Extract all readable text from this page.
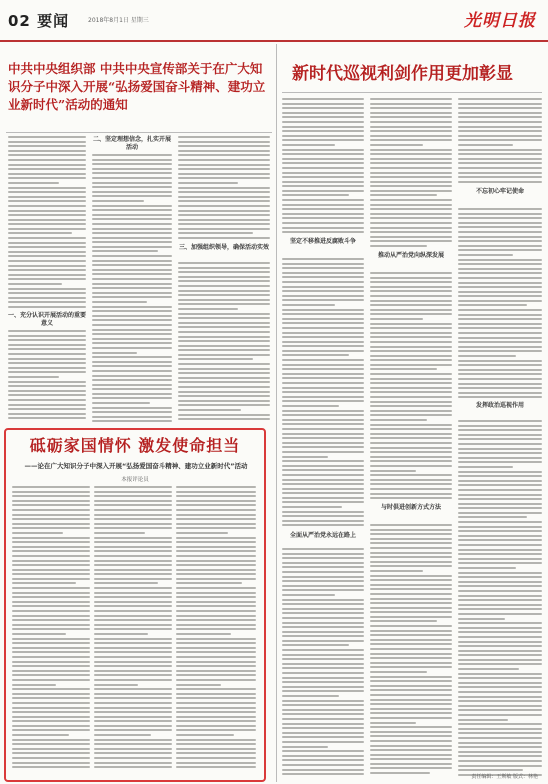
02 要闻	2018年8月1日 星期三	光明日报
中共中央组织部 中共中央宣传部关于在广大知识分子中深入开展“弘扬爱国奋斗精神、建功立业新时代”活动的通知
新时代巡视利剑作用更加彰显
一、充分认识开展活动的重要意义
二、坚定理想信念，扎实开展活动
三、加强组织领导，确保活动实效
坚定不移推进反腐败斗争
全面从严治党永远在路上
推动从严治党向纵深发展
与时俱进创新方式方法
不忘初心牢记使命
发挥政治巡视作用
砥砺家国情怀 激发使命担当
——论在广大知识分子中深入开展“弘扬爱国奋斗精神、建功立业新时代”活动
本报评论员
责任编辑：王斯敏 版式：林艳
